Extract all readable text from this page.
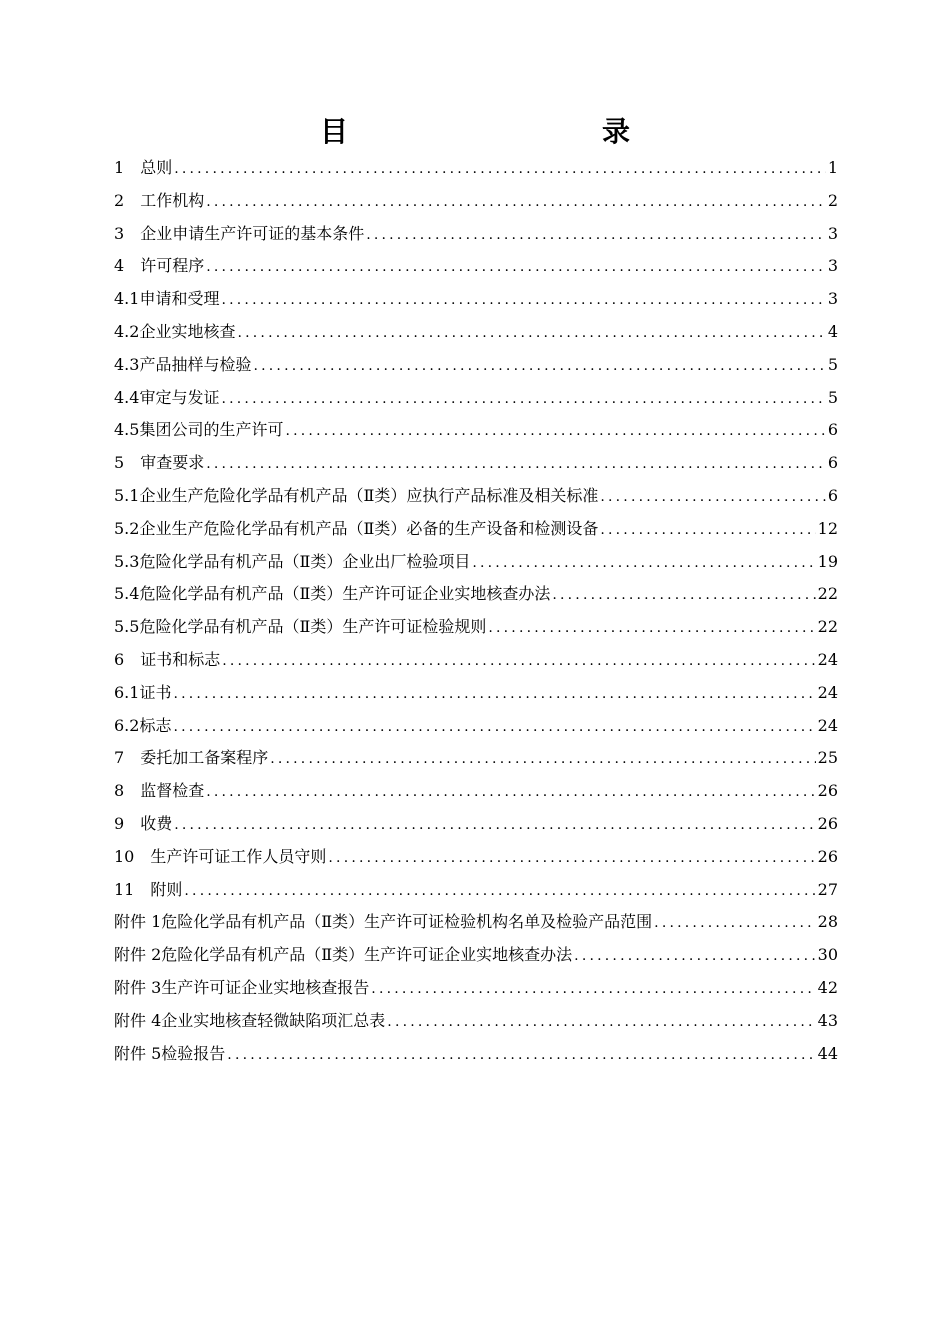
目　　录
1　 总则 .....	1
2　 工作机构 .....	2
3　 企业申请生产许可证的基本条件 .....	3
4　 许可程序 .....	3
4.1 申请和受理 .....	3
4.2 企业实地核查 .....	4
4.3 产品抽样与检验 .....	5
4.4 审定与发证 .....	5
4.5 集团公司的生产许可 .....	6
5　 审查要求 .....	6
5.1 企业生产危险化学品有机产品（Ⅱ类）应执行产品标准及相关标准 .....	6
5.2 企业生产危险化学品有机产品（Ⅱ类）必备的生产设备和检测设备 .....	12
5.3 危险化学品有机产品（Ⅱ类）企业出厂检验项目 .....	19
5.4 危险化学品有机产品（Ⅱ类）生产许可证企业实地核查办法 .....	22
5.5 危险化学品有机产品（Ⅱ类）生产许可证检验规则 .....	22
6　 证书和标志 .....	24
6.1 证书 .....	24
6.2 标志 .....	24
7　 委托加工备案程序 .....	25
8　 监督检查 .....	26
9　 收费 .....	26
10　 生产许可证工作人员守则 .....	26
11　 附则 .....	27
附件 1 危险化学品有机产品（Ⅱ类）生产许可证检验机构名单及检验产品范围 .....	28
附件 2 危险化学品有机产品（Ⅱ类）生产许可证企业实地核查办法 .....	30
附件 3 生产许可证企业实地核查报告 .....	42
附件 4 企业实地核查轻微缺陷项汇总表 .....	43
附件 5 检验报告 .....	44
